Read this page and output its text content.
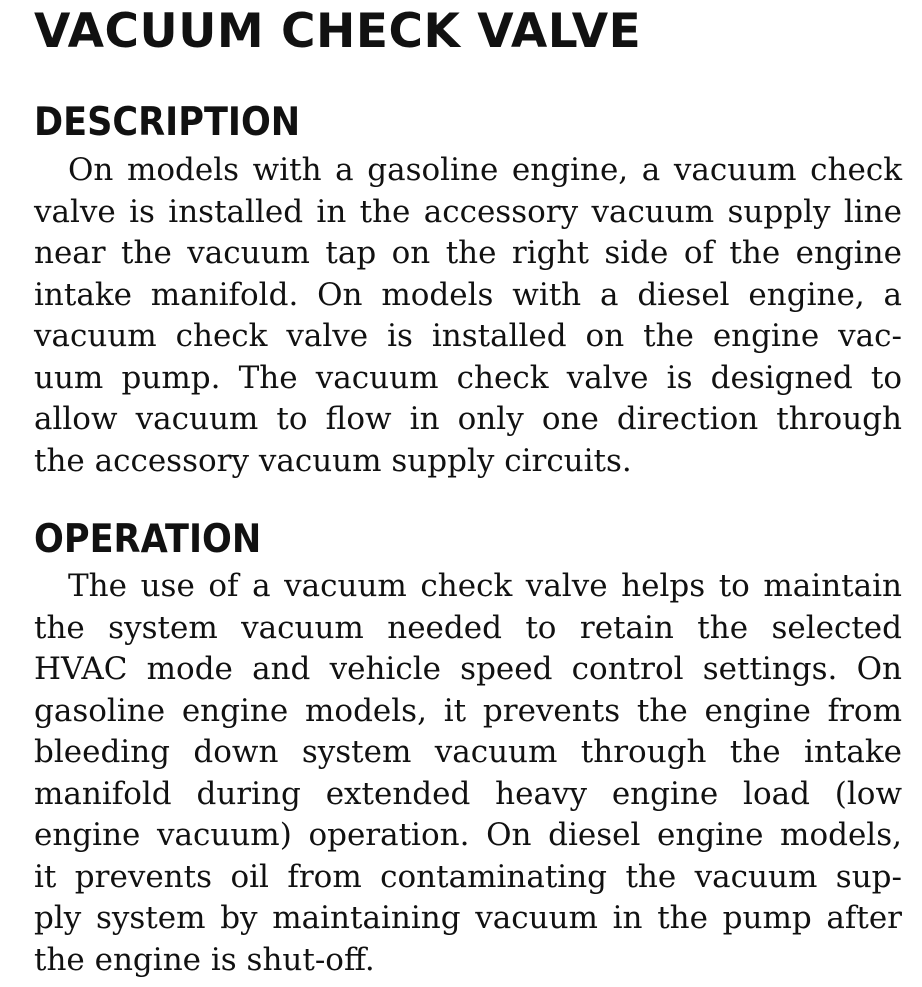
VACUUM CHECK VALVE
DESCRIPTION
On models with a gasoline engine, a vacuum check
valve is installed in the accessory vacuum supply line
near the vacuum tap on the right side of the engine
intake manifold. On models with a diesel engine, a
vacuum check valve is installed on the engine vac-
uum pump. The vacuum check valve is designed to
allow vacuum to flow in only one direction through
the accessory vacuum supply circuits.
OPERATION
The use of a vacuum check valve helps to maintain
the system vacuum needed to retain the selected
HVAC mode and vehicle speed control settings. On
gasoline engine models, it prevents the engine from
bleeding down system vacuum through the intake
manifold during extended heavy engine load (low
engine vacuum) operation. On diesel engine models,
it prevents oil from contaminating the vacuum sup-
ply system by maintaining vacuum in the pump after
the engine is shut-off.
